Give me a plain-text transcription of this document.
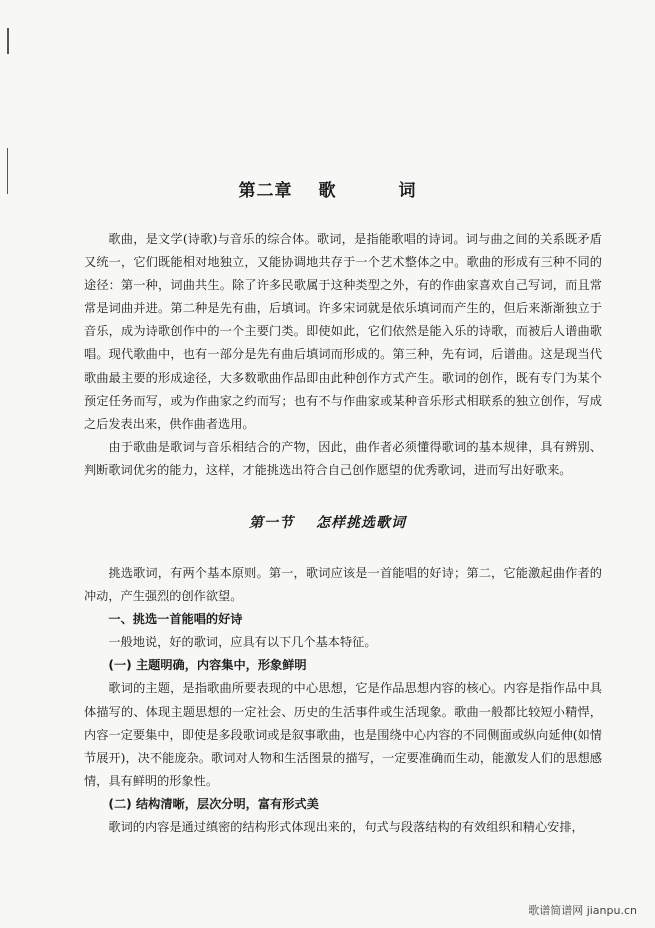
第二章 歌	词

歌曲，是文学(诗歌)与音乐的综合体。歌词，是指能歌唱的诗词。词与曲之间的关系既矛盾又统一，它们既能相对地独立，又能协调地共存于一个艺术整体之中。歌曲的形成有三种不同的途径：第一种，词曲共生。除了许多民歌属于这种类型之外，有的作曲家喜欢自己写词，而且常常是词曲并进。第二种是先有曲，后填词。许多宋词就是依乐填词而产生的，但后来渐渐独立于音乐，成为诗歌创作中的一个主要门类。即使如此，它们依然是能入乐的诗歌，而被后人谱曲歌唱。现代歌曲中，也有一部分是先有曲后填词而形成的。第三种，先有词，后谱曲。这是现当代歌曲最主要的形成途径，大多数歌曲作品即由此种创作方式产生。歌词的创作，既有专门为某个预定任务而写，或为作曲家之约而写；也有不与作曲家或某种音乐形式相联系的独立创作，写成之后发表出来，供作曲者选用。

由于歌曲是歌词与音乐相结合的产物，因此，曲作者必须懂得歌词的基本规律，具有辨别、判断歌词优劣的能力，这样，才能挑选出符合自己创作愿望的优秀歌词，进而写出好歌来。

第一节 怎样挑选歌词

挑选歌词，有两个基本原则。第一，歌词应该是一首能唱的好诗；第二，它能激起曲作者的冲动，产生强烈的创作欲望。

一、挑选一首能唱的好诗

一般地说，好的歌词，应具有以下几个基本特征。

(一) 主题明确，内容集中，形象鲜明

歌词的主题，是指歌曲所要表现的中心思想，它是作品思想内容的核心。内容是指作品中具体描写的、体现主题思想的一定社会、历史的生活事件或生活现象。歌曲一般都比较短小精悍，内容一定要集中，即使是多段歌词或是叙事歌曲，也是围绕中心内容的不同侧面或纵向延伸(如情节展开)，决不能庞杂。歌词对人物和生活图景的描写，一定要准确而生动，能激发人们的思想感情，具有鲜明的形象性。

(二) 结构清晰，层次分明，富有形式美

歌词的内容是通过缜密的结构形式体现出来的，句式与段落结构的有效组织和精心安排，

歌谱简谱网 jianpu.cn
